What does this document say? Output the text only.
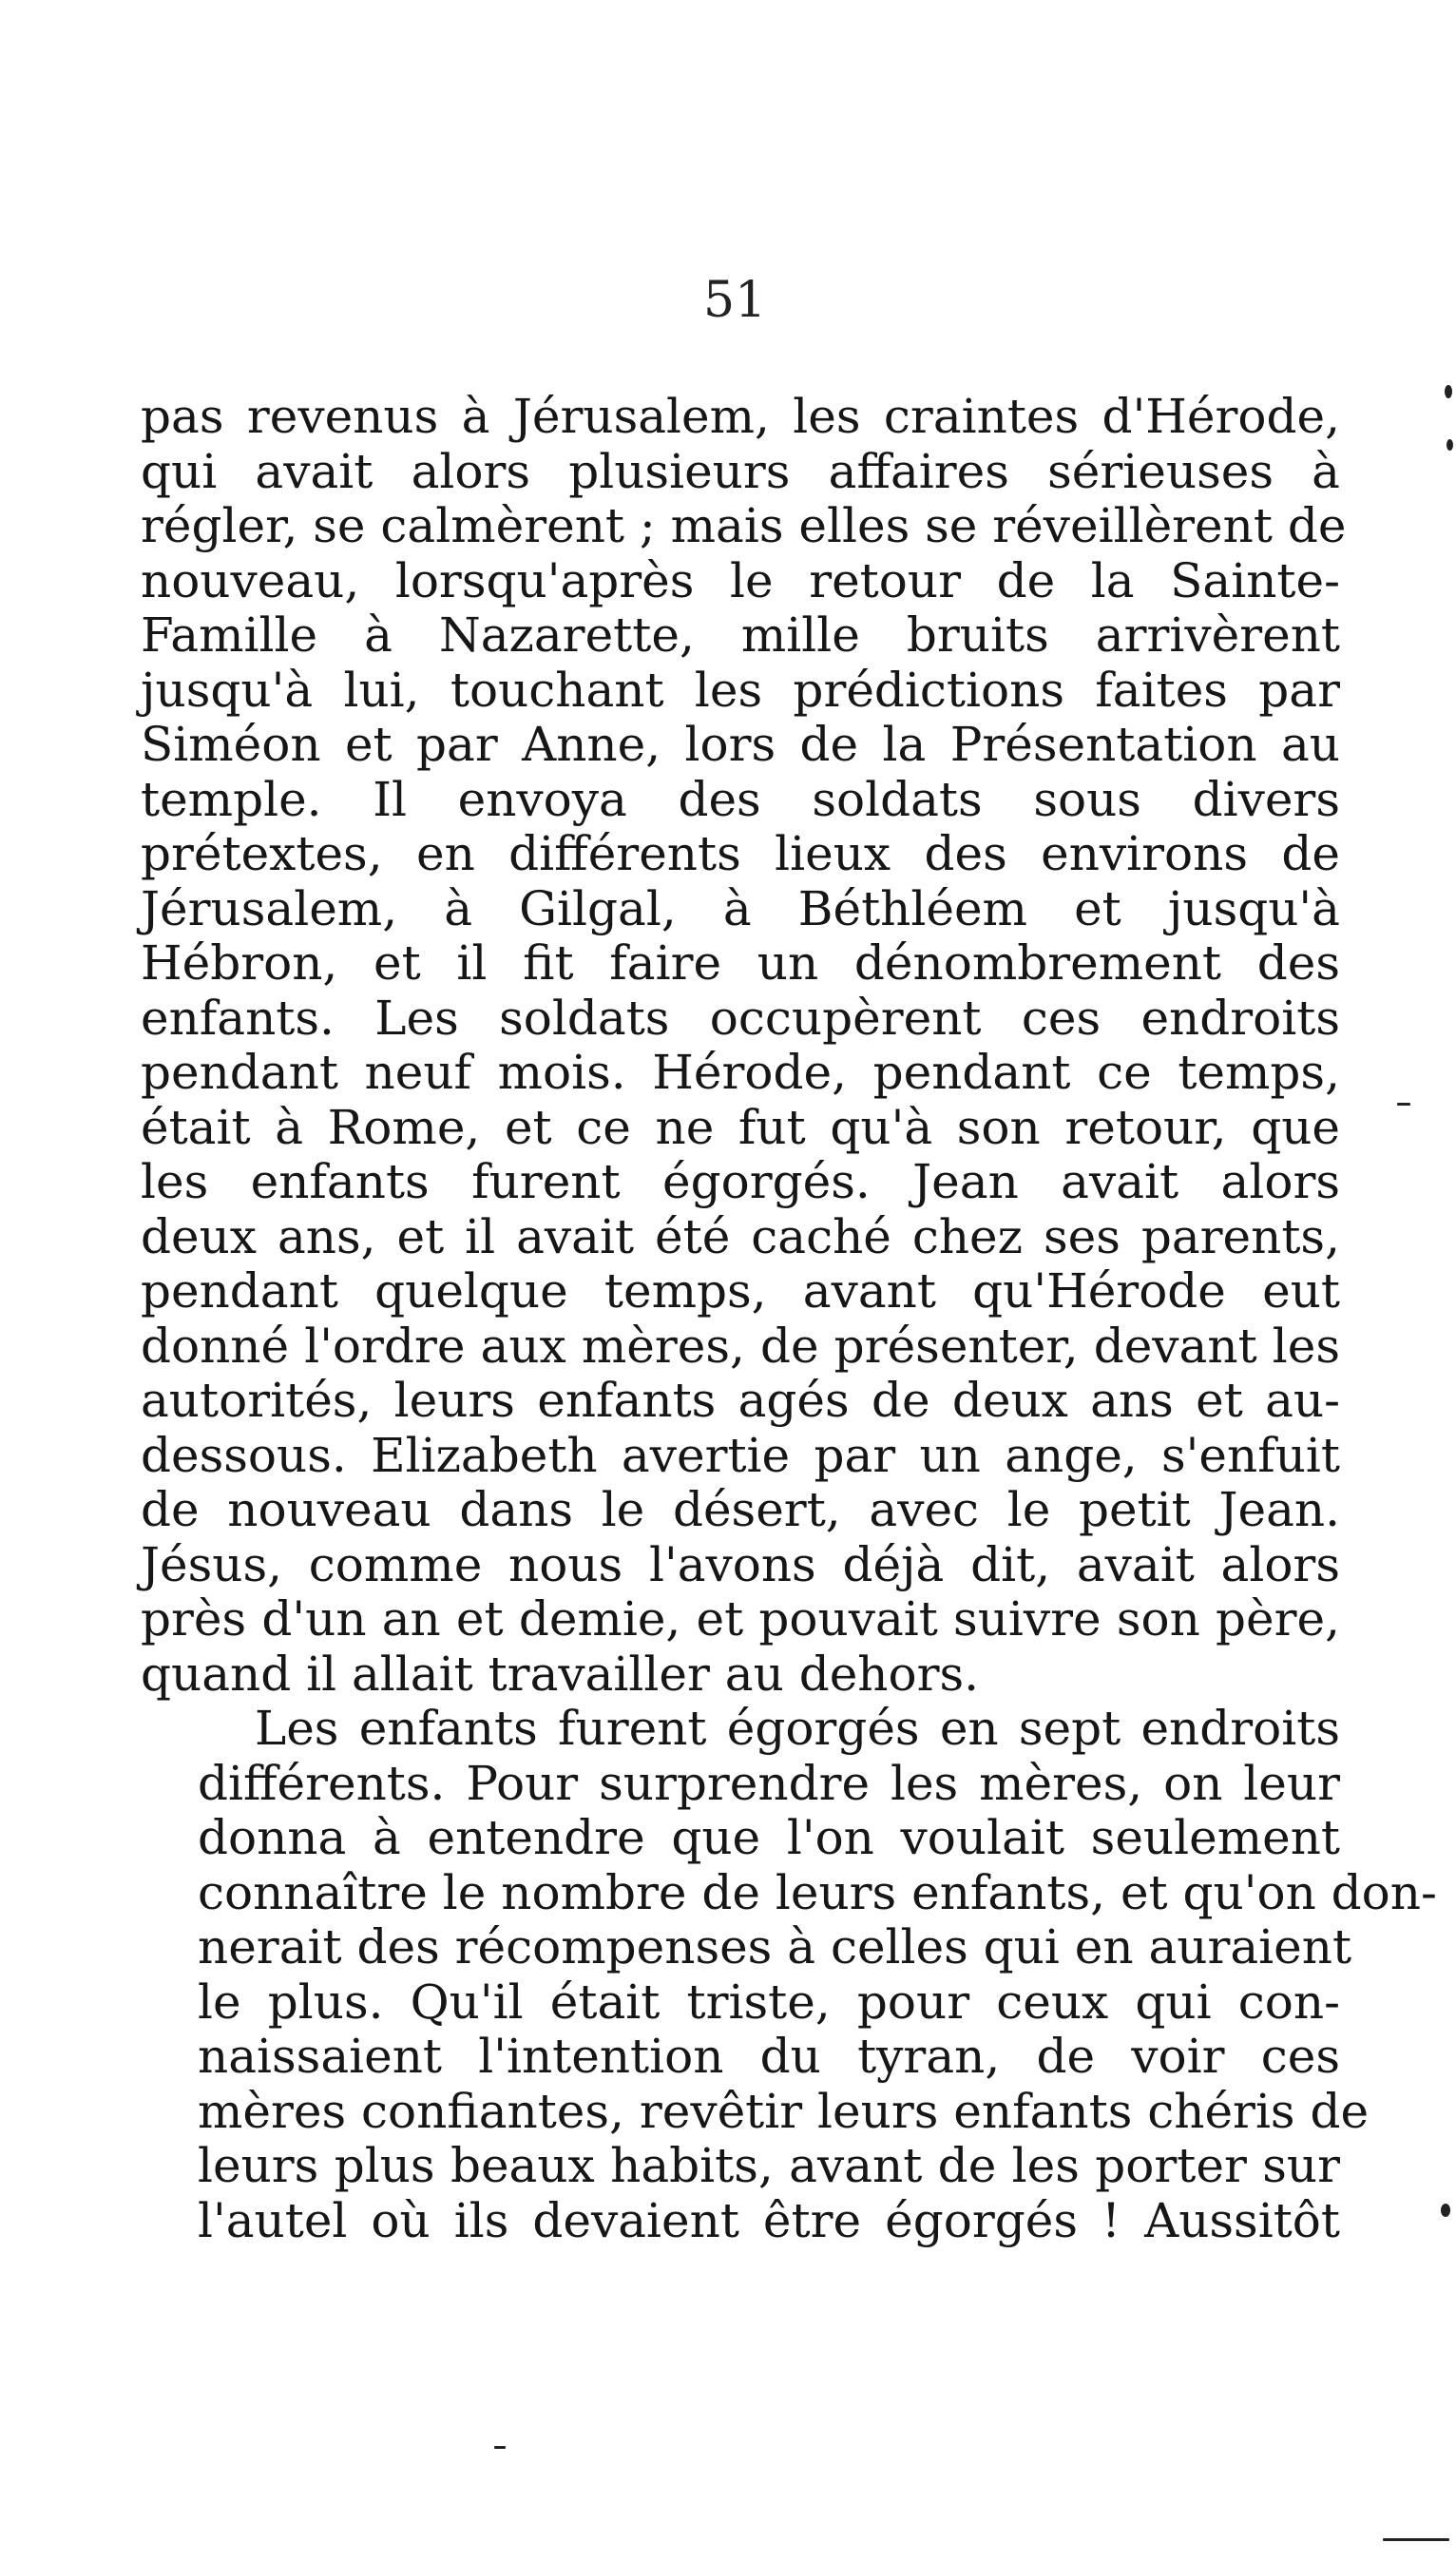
51
pas revenus à Jérusalem, les craintes d'Hérode,
qui avait alors plusieurs affaires sérieuses à
régler, se calmèrent ; mais elles se réveillèrent de
nouveau, lorsqu'après le retour de la Sainte-
Famille à Nazarette, mille bruits arrivèrent
jusqu'à lui, touchant les prédictions faites par
Siméon et par Anne, lors de la Présentation au
temple. Il envoya des soldats sous divers
prétextes, en différents lieux des environs de
Jérusalem, à Gilgal, à Béthléem et jusqu'à
Hébron, et il fit faire un dénombrement des
enfants. Les soldats occupèrent ces endroits
pendant neuf mois. Hérode, pendant ce temps,
était à Rome, et ce ne fut qu'à son retour, que
les enfants furent égorgés. Jean avait alors
deux ans, et il avait été caché chez ses parents,
pendant quelque temps, avant qu'Hérode eut
donné l'ordre aux mères, de présenter, devant les
autorités, leurs enfants agés de deux ans et au-
dessous. Elizabeth avertie par un ange, s'enfuit
de nouveau dans le désert, avec le petit Jean.
Jésus, comme nous l'avons déjà dit, avait alors
près d'un an et demie, et pouvait suivre son père,
quand il allait travailler au dehors.
Les enfants furent égorgés en sept endroits
différents. Pour surprendre les mères, on leur
donna à entendre que l'on voulait seulement
connaître le nombre de leurs enfants, et qu'on don-
nerait des récompenses à celles qui en auraient
le plus. Qu'il était triste, pour ceux qui con-
naissaient l'intention du tyran, de voir ces
mères confiantes, revêtir leurs enfants chéris de
leurs plus beaux habits, avant de les porter sur
l'autel où ils devaient être égorgés ! Aussitôt
